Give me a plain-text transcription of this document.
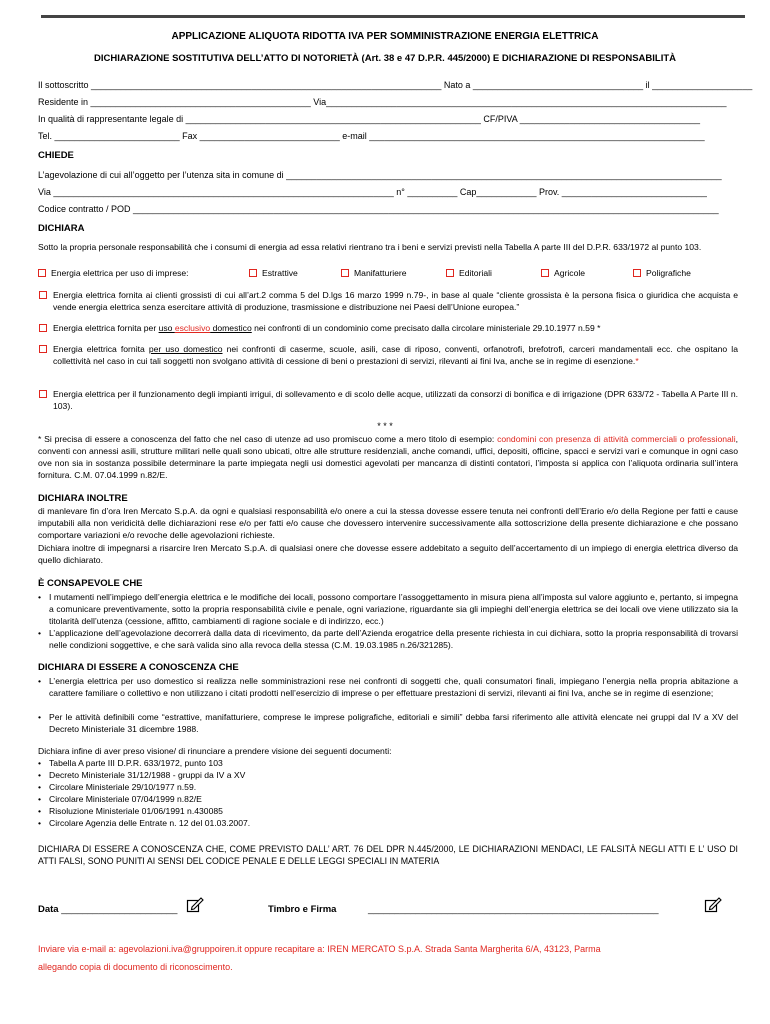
APPLICAZIONE ALIQUOTA RIDOTTA IVA PER SOMMINISTRAZIONE ENERGIA ELETTRICA
DICHIARAZIONE SOSTITUTIVA DELL’ATTO DI NOTORIETÀ (Art. 38 e 47 D.P.R. 445/2000) E DICHIARAZIONE DI RESPONSABILITÀ
Il sottoscritto ______________________________________________________________________ Nato a __________________________________ il ____________________
Residente in ____________________________________________ Via________________________________________________________________________________
In qualità di rappresentante legale di ___________________________________________________________ CF/PIVA ____________________________________
Tel. _________________________ Fax ____________________________ e-mail ___________________________________________________________________
CHIEDE
L’agevolazione di cui all’oggetto per l’utenza sita in comune di _______________________________________________________________________________________
Via ____________________________________________________________________ n° __________ Cap____________ Prov. _____________________________
Codice contratto / POD _____________________________________________________________________________________________________________________
DICHIARA
Sotto la propria personale responsabilità che i consumi di energia ad essa relativi rientrano tra i beni e servizi previsti nella Tabella A parte III del D.P.R. 633/1972 al punto 103.
Energia elettrica per uso di imprese:	Estrattive	Manifatturiere	Editoriali	Agricole	Poligrafiche
Energia elettrica fornita ai clienti grossisti di cui all’art.2 comma 5 del D.lgs 16 marzo 1999 n.79-, in base al quale “cliente grossista è la persona fisica o giuridica che acquista e vende energia elettrica senza esercitare attività di produzione, trasmissione e distribuzione nei Paesi dell’Unione europea.”
Energia elettrica fornita per uso esclusivo domestico nei confronti di un condominio come precisato dalla circolare ministeriale 29.10.1977 n.59 *
Energia elettrica fornita per uso domestico nei confronti di caserme, scuole, asili, case di riposo, conventi, orfanotrofi, brefotrofi, carceri mandamentali ecc. che ospitano la collettività nel caso in cui tali soggetti non svolgano attività di cessione di beni o prestazioni di servizi, rilevanti ai fini Iva, anche se in regime di esenzione.*
Energia elettrica per il funzionamento degli impianti irrigui, di sollevamento e di scolo delle acque, utilizzati da consorzi di bonifica e di irrigazione (DPR 633/72 - Tabella A Parte III n. 103).
* * *
* Si precisa di essere a conoscenza del fatto che nel caso di utenze ad uso promiscuo come a mero titolo di esempio: condomini con presenza di attività commerciali o professionali, conventi con annessi asili, strutture militari nelle quali sono ubicati, oltre alle strutture residenziali, anche comandi, uffici, depositi, officine, spacci e servizi vari e comunque in ogni caso ove non sia in sostanza possibile determinare la parte impiegata negli usi domestici agevolati per mancanza di distinti contatori, l’imposta si applica con l’aliquota ordinaria sull’intera fornitura. C.M. 07.04.1999 n.82/E.
DICHIARA INOLTRE
di manlevare fin d’ora Iren Mercato S.p.A. da ogni e qualsiasi responsabilità e/o onere a cui la stessa dovesse essere tenuta nei confronti dell’Erario e/o della Regione per fatti e cause imputabili alla non veridicità delle dichiarazioni rese e/o per fatti e/o cause che dovessero intervenire successivamente alla sottoscrizione della presente dichiarazione e che possano comportare variazioni e/o revoche delle agevolazioni richieste.
Dichiara inoltre di impegnarsi a risarcire Iren Mercato S.p.A. di qualsiasi onere che dovesse essere addebitato a seguito dell’accertamento di un impiego di energia elettrica diverso da quello dichiarato.
È CONSAPEVOLE CHE
• I mutamenti nell’impiego dell’energia elettrica e le modifiche dei locali, possono comportare l’assoggettamento in misura piena all’imposta sul valore aggiunto e, pertanto, si impegna a comunicare preventivamente, sotto la propria responsabilità civile e penale, ogni variazione, riguardante sia gli impieghi dell’energia elettrica se dei locali ove viene utilizzato sia la titolarità dell’utenza (cessione, affitto, cambiamenti di ragione sociale e di indirizzo, ecc.)
• L’applicazione dell’agevolazione decorrerà dalla data di ricevimento, da parte dell’Azienda erogatrice della presente richiesta in cui dichiara, sotto la propria responsabilità di trovarsi nelle condizioni soggettive, e che sarà valida sino alla revoca della stessa (C.M. 19.03.1985 n.26/321285).
DICHIARA DI ESSERE A CONOSCENZA CHE
• L’energia elettrica per uso domestico si realizza nelle somministrazioni rese nei confronti di soggetti che, quali consumatori finali, impiegano l’energia nella propria abitazione a carattere familiare o collettivo e non utilizzano i citati prodotti nell’esercizio di imprese o per effettuare prestazioni di servizi, rilevanti ai fini Iva, anche se in regime di esenzione;
• Per le attività definibili come “estrattive, manifatturiere, comprese le imprese poligrafiche, editoriali e simili” debba farsi riferimento alle attività elencate nei gruppi dal IV a XV del Decreto Ministeriale 31 dicembre 1988.
Dichiara infine di aver preso visione/ di rinunciare a prendere visione dei seguenti documenti:
• Tabella A parte III D.P.R. 633/1972, punto 103
• Decreto Ministeriale 31/12/1988 - gruppi da IV a XV
• Circolare Ministeriale 29/10/1977 n.59.
• Circolare Ministeriale 07/04/1999 n.82/E
• Risoluzione Ministeriale 01/06/1991 n.430085
• Circolare Agenzia delle Entrate n. 12 del 01.03.2007.
DICHIARA DI ESSERE A CONOSCENZA CHE, COME PREVISTO DALL’ ART. 76 DEL DPR N.445/2000, LE DICHIARAZIONI MENDACI, LE FALSITÀ NEGLI ATTI E L’ USO DI ATTI FALSI, SONO PUNITI AI SENSI DEL CODICE PENALE E DELLE LEGGI SPECIALI IN MATERIA
Data ______________________	Timbro e Firma	_______________________________________________________
Inviare via e-mail a: agevolazioni.iva@gruppoiren.it oppure recapitare a: IREN MERCATO S.p.A. Strada Santa Margherita 6/A, 43123, Parma
allegando copia di documento di riconoscimento.
